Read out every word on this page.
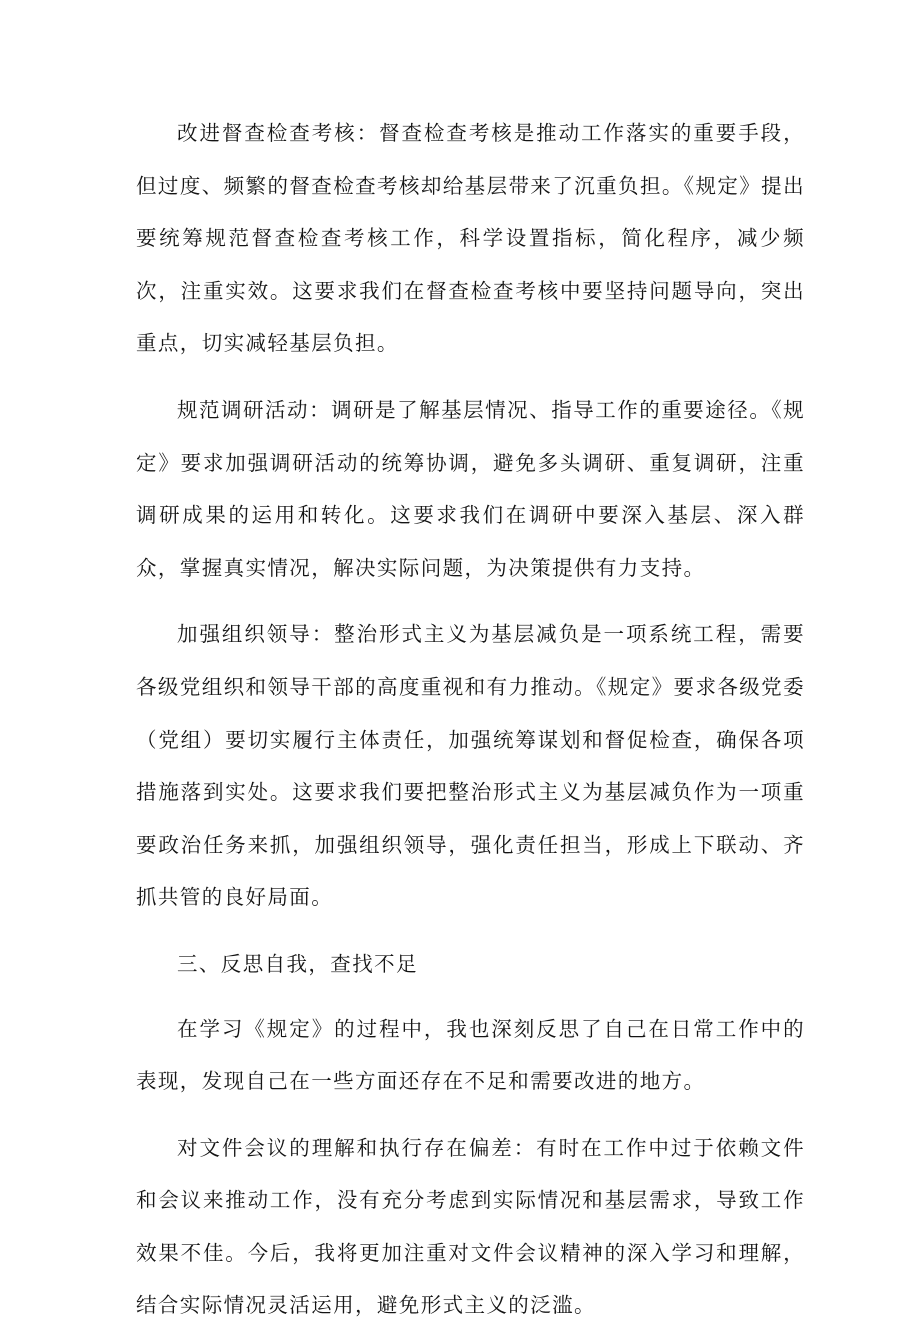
改进督查检查考核：督查检查考核是推动工作落实的重要手段，但过度、频繁的督查检查考核却给基层带来了沉重负担。《规定》提出要统筹规范督查检查考核工作，科学设置指标，简化程序，减少频次，注重实效。这要求我们在督查检查考核中要坚持问题导向，突出重点，切实减轻基层负担。

规范调研活动：调研是了解基层情况、指导工作的重要途径。《规定》要求加强调研活动的统筹协调，避免多头调研、重复调研，注重调研成果的运用和转化。这要求我们在调研中要深入基层、深入群众，掌握真实情况，解决实际问题，为决策提供有力支持。

加强组织领导：整治形式主义为基层减负是一项系统工程，需要各级党组织和领导干部的高度重视和有力推动。《规定》要求各级党委（党组）要切实履行主体责任，加强统筹谋划和督促检查，确保各项措施落到实处。这要求我们要把整治形式主义为基层减负作为一项重要政治任务来抓，加强组织领导，强化责任担当，形成上下联动、齐抓共管的良好局面。

三、反思自我，查找不足

在学习《规定》的过程中，我也深刻反思了自己在日常工作中的表现，发现自己在一些方面还存在不足和需要改进的地方。

对文件会议的理解和执行存在偏差：有时在工作中过于依赖文件和会议来推动工作，没有充分考虑到实际情况和基层需求，导致工作效果不佳。今后，我将更加注重对文件会议精神的深入学习和理解，结合实际情况灵活运用，避免形式主义的泛滥。
